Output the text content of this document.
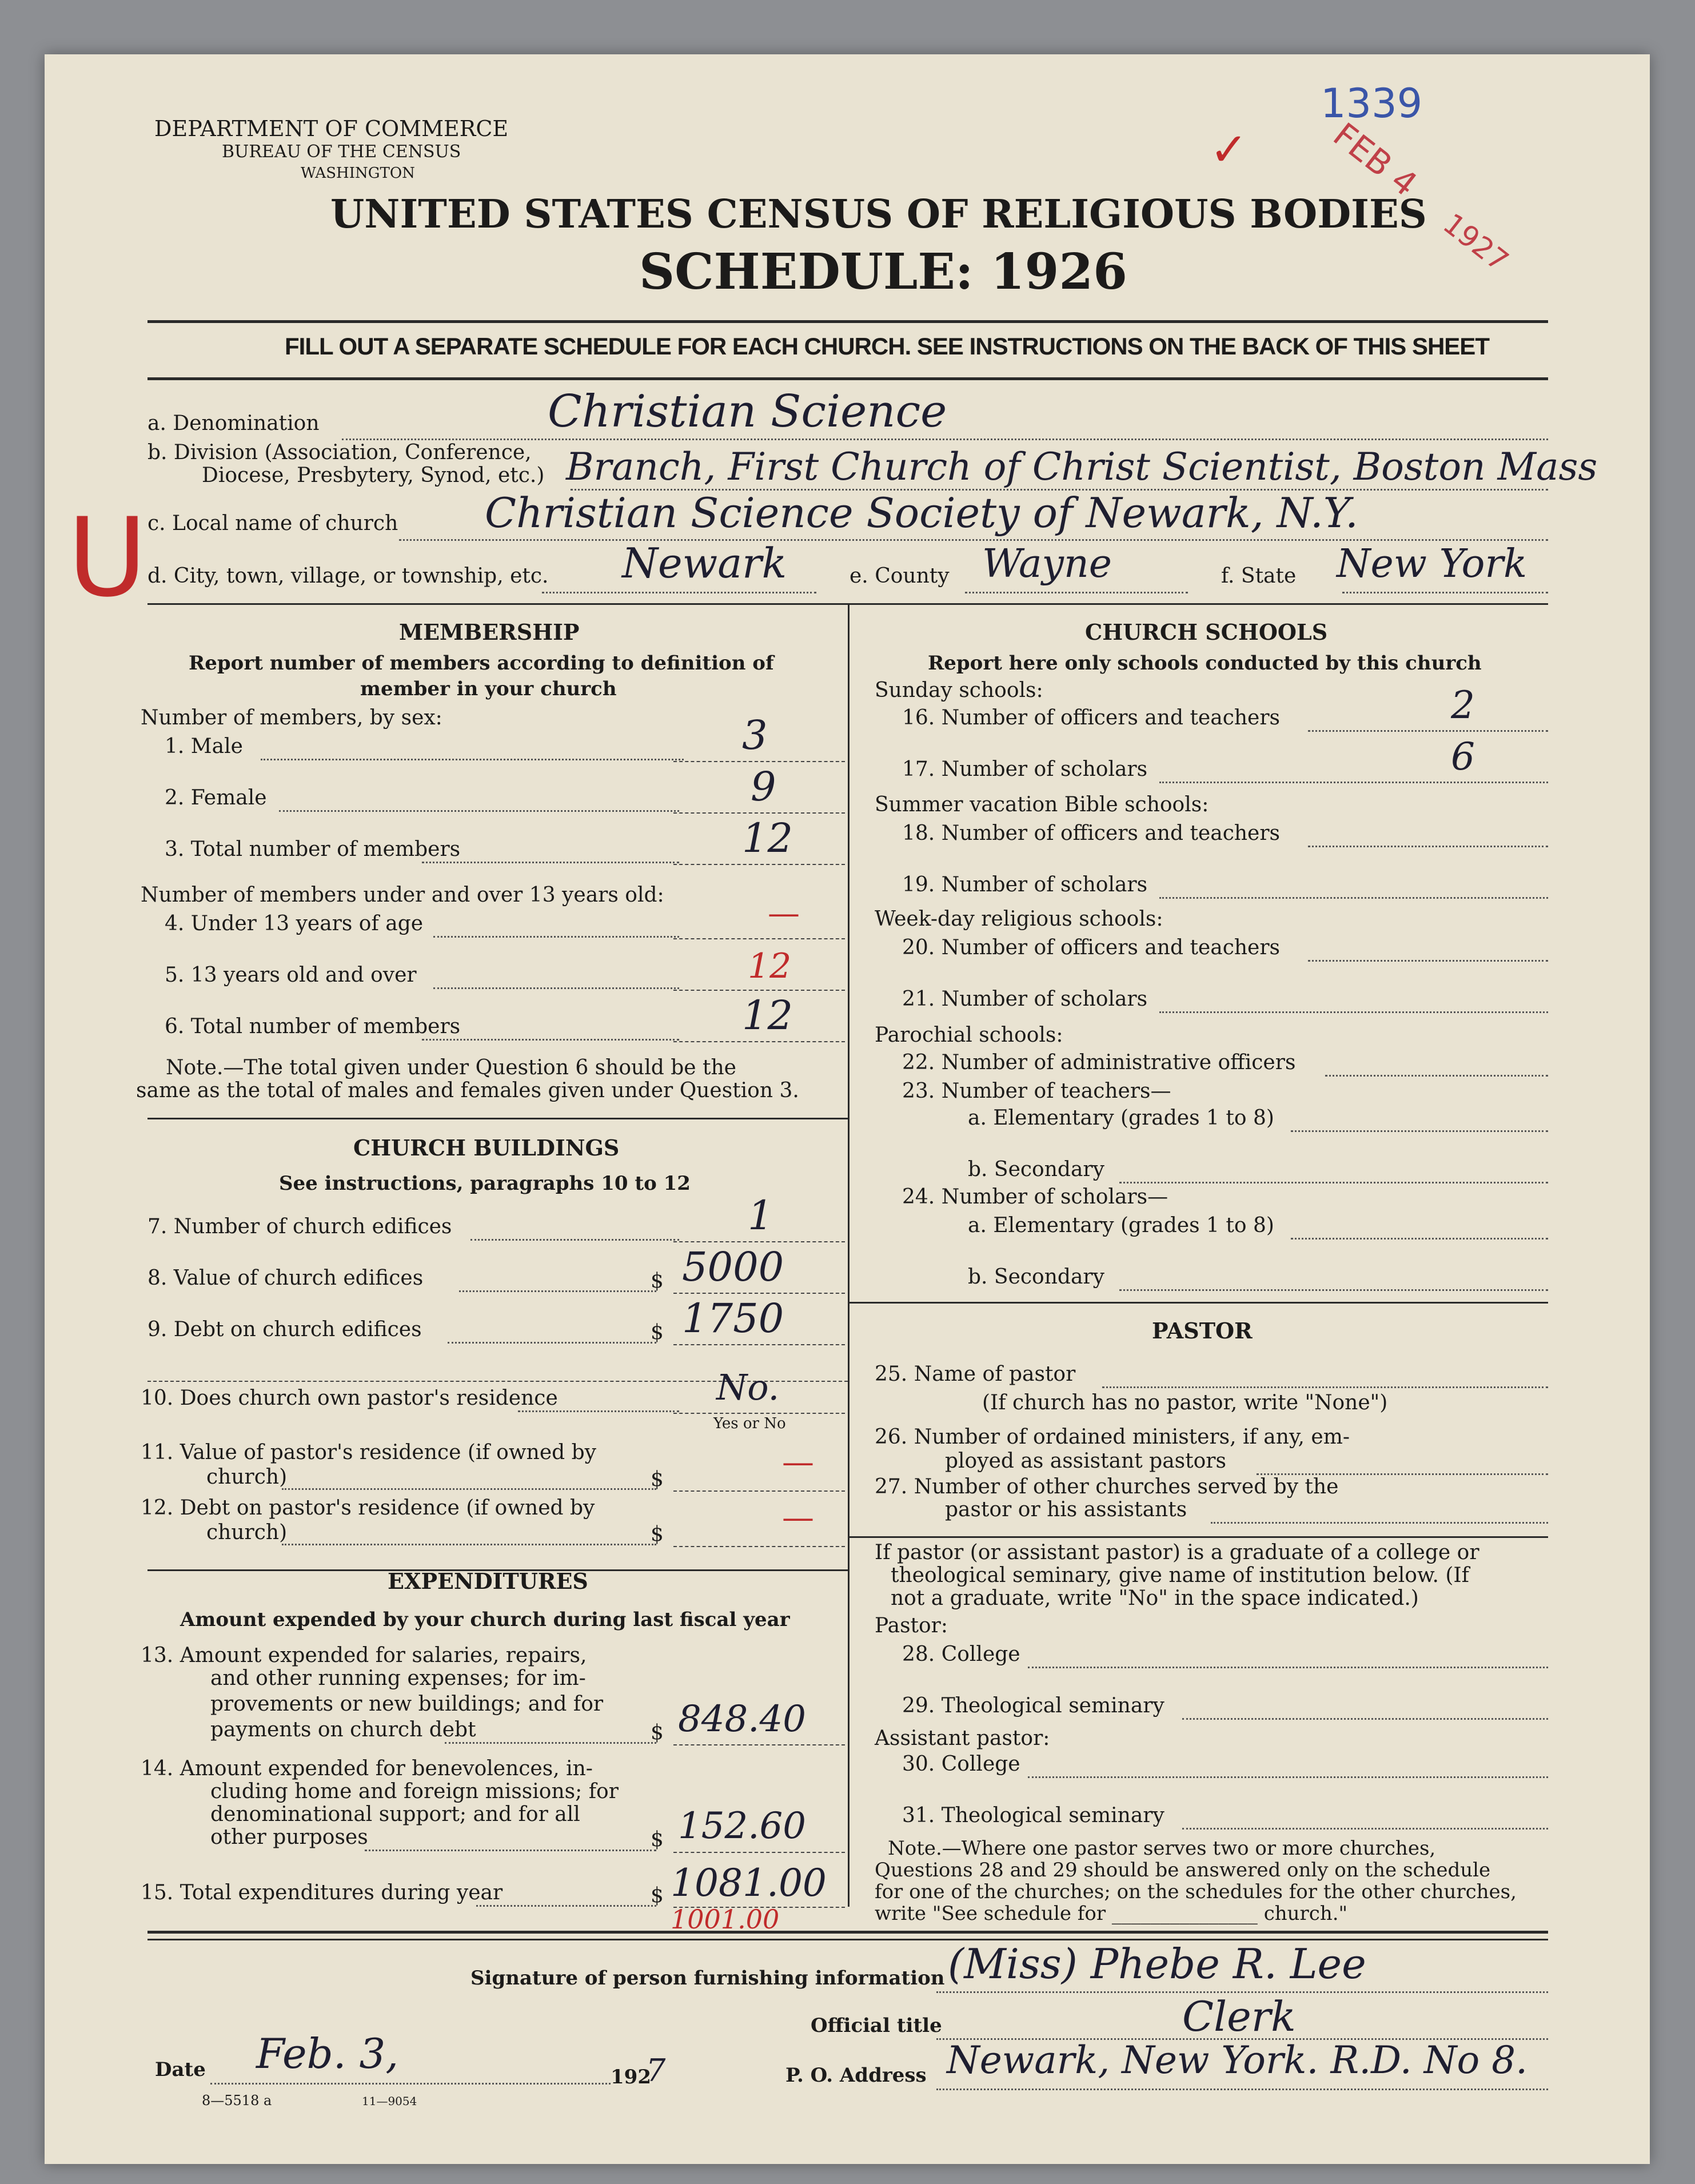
DEPARTMENT OF COMMERCE
BUREAU OF THE CENSUS
WASHINGTON
UNITED STATES CENSUS OF RELIGIOUS BODIES
SCHEDULE: 1926
FILL OUT A SEPARATE SCHEDULE FOR EACH CHURCH. SEE INSTRUCTIONS ON THE BACK OF THIS SHEET
1339
FEB 4
1927
✓
U
a. Denomination	Christian Science
b. Division (Association, Conference,
Diocese, Presbytery, Synod, etc.) Branch, First Church of Christ Scientist, Boston Mass
c. Local name of church Christian Science Society of Newark, N.Y.
d. City, town, village, or township, etc. Newark	e. County Wayne	f. State New York
MEMBERSHIP
Report number of members according to definition of
member in your church
Number of members, by sex:
1. Male	3
2. Female	9
3. Total number of members	12
Number of members under and over 13 years old:
4. Under 13 years of age	—
5. 13 years old and over	12
6. Total number of members	12
Note.—The total given under Question 6 should be the
same as the total of males and females given under Question 3.
CHURCH BUILDINGS
See instructions, paragraphs 10 to 12
7. Number of church edifices	1
8. Value of church edifices	$ 5000
9. Debt on church edifices	$ 1750
10. Does church own pastor's residence	No.
Yes or No
11. Value of pastor's residence (if owned by
church)	$	—
12. Debt on pastor's residence (if owned by
church)	$	—
EXPENDITURES
Amount expended by your church during last fiscal year
13. Amount expended for salaries, repairs,
and other running expenses; for im-
provements or new buildings; and for
payments on church debt	$ 848.40
14. Amount expended for benevolences, in-
cluding home and foreign missions; for
denominational support; and for all
other purposes	$ 152.60
15. Total expenditures during year	$ 1081.00
1001.00
CHURCH SCHOOLS
Report here only schools conducted by this church
Sunday schools:
16. Number of officers and teachers	2
17. Number of scholars	6
Summer vacation Bible schools:
18. Number of officers and teachers
19. Number of scholars
Week-day religious schools:
20. Number of officers and teachers
21. Number of scholars
Parochial schools:
22. Number of administrative officers
23. Number of teachers—
a. Elementary (grades 1 to 8)
b. Secondary
24. Number of scholars—
a. Elementary (grades 1 to 8)
b. Secondary
PASTOR
25. Name of pastor
(If church has no pastor, write "None")
26. Number of ordained ministers, if any, em-
ployed as assistant pastors
27. Number of other churches served by the
pastor or his assistants
If pastor (or assistant pastor) is a graduate of a college or
theological seminary, give name of institution below. (If
not a graduate, write "No" in the space indicated.)
Pastor:
28. College
29. Theological seminary
Assistant pastor:
30. College
31. Theological seminary
Note.—Where one pastor serves two or more churches,
Questions 28 and 29 should be answered only on the schedule
for one of the churches; on the schedules for the other churches,
write "See schedule for _______________ church."
Signature of person furnishing information (Miss) Phebe R. Lee
Official title	Clerk
P. O. Address Newark, New York. R.D. No 8.
Date Feb. 3,	192
7
8—5518 a	11—9054
